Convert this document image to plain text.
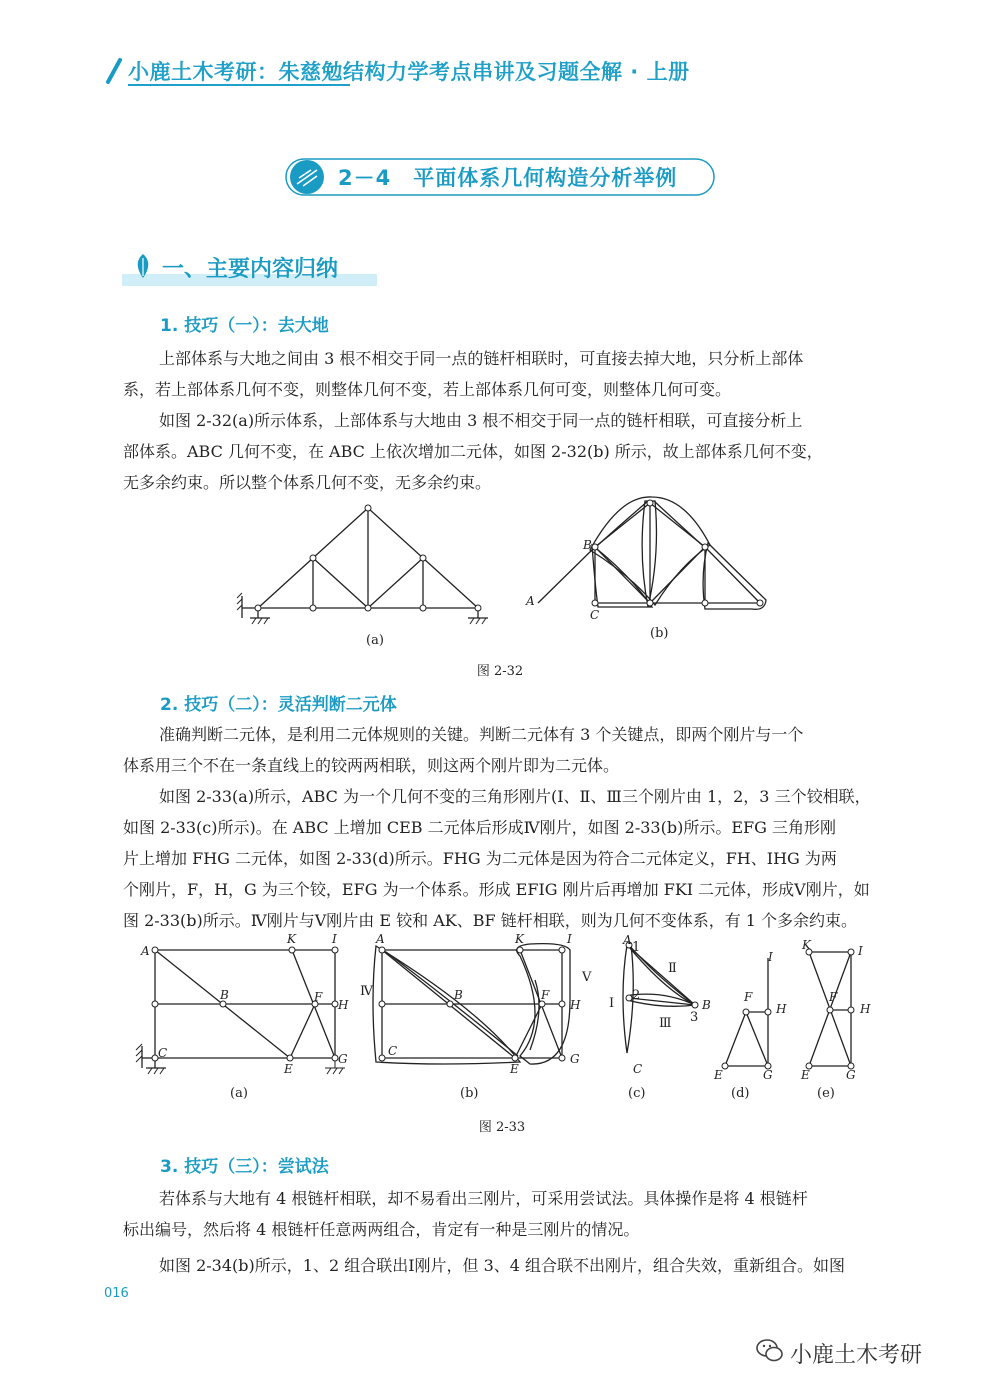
小鹿土木考研：朱慈勉结构力学考点串讲及习题全解 · 上册
2－4　平面体系几何构造分析举例
一、主要内容归纳
1. 技巧（一）：去大地
上部体系与大地之间由 3 根不相交于同一点的链杆相联时，可直接去掉大地，只分析上部体
系，若上部体系几何不变，则整体几何不变，若上部体系几何可变，则整体几何可变。
如图 2-32(a)所示体系，上部体系与大地由 3 根不相交于同一点的链杆相联，可直接分析上
部体系。ABC 几何不变，在 ABC 上依次增加二元体，如图 2-32(b) 所示，故上部体系几何不变，
无多余约束。所以整个体系几何不变，无多余约束。
(a)
A
B
C
(b)
图 2-32
2. 技巧（二）：灵活判断二元体
准确判断二元体，是利用二元体规则的关键。判断二元体有 3 个关键点，即两个刚片与一个
体系用三个不在一条直线上的铰两两相联，则这两个刚片即为二元体。
如图 2-33(a)所示，ABC 为一个几何不变的三角形刚片(Ⅰ、Ⅱ、Ⅲ三个刚片由 1，2，3 三个铰相联，
如图 2-33(c)所示)。在 ABC 上增加 CEB 二元体后形成Ⅳ刚片，如图 2-33(b)所示。EFG 三角形刚
片上增加 FHG 二元体，如图 2-33(d)所示。FHG 为二元体是因为符合二元体定义，FH、IHG 为两
个刚片，F，H，G 为三个铰，EFG 为一个体系。形成 EFIG 刚片后再增加 FKI 二元体，形成Ⅴ刚片，如
图 2-33(b)所示。Ⅳ刚片与Ⅴ刚片由 E 铰和 AK、BF 链杆相联，则为几何不变体系，有 1 个多余约束。
A
B
C
E
F
G
H
I
K
(a)
A
B
C
E
F
G
H
I
K
Ⅳ
Ⅴ
(b)
A 1
2
3
B
C
Ⅰ
Ⅱ
Ⅲ
(c)
I
F
H
E	G
(d)
K	I
F
H
E	G
(e)
图 2-33
3. 技巧（三）：尝试法
若体系与大地有 4 根链杆相联，却不易看出三刚片，可采用尝试法。具体操作是将 4 根链杆
标出编号，然后将 4 根链杆任意两两组合，肯定有一种是三刚片的情况。
如图 2-34(b)所示，1、2 组合联出Ⅰ刚片，但 3、4 组合联不出刚片，组合失效，重新组合。如图
016
小鹿土木考研
